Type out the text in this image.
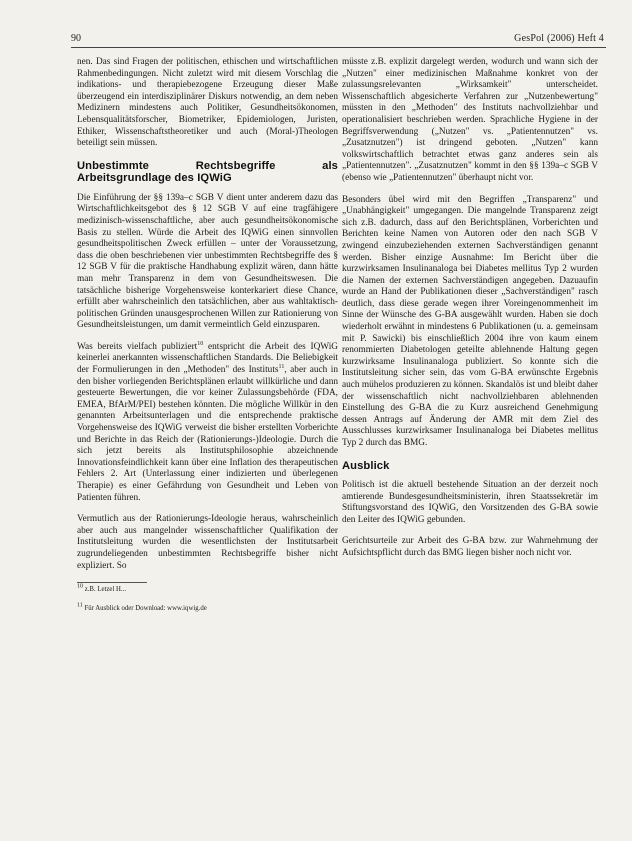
90	GesPol (2006) Heft 4

nen. Das sind Fragen der politischen, ethischen und wirtschaftlichen Rahmenbedingungen. Nicht zuletzt wird mit diesem Vorschlag die indikations- und therapiebezogene Erzeugung dieser Maße überzeugend ein interdisziplinärer Diskurs notwendig, an dem neben Medizinern mindestens auch Politiker, Gesundheitsökonomen, Lebensqualitätsforscher, Biometriker, Epidemiologen, Juristen, Ethiker, Wissenschaftstheoretiker und auch (Moral-)Theologen beteiligt sein müssen.

Unbestimmte Rechtsbegriffe als Arbeitsgrundlage des IQWiG

Die Einführung der §§ 139a–c SGB V dient unter anderem dazu das Wirtschaftlichkeitsgebot des § 12 SGB V auf eine tragfähigere medizinisch-wissenschaftliche, aber auch gesundheitsökonomische Basis zu stellen. Würde die Arbeit des IQWiG einen sinnvollen gesundheitspolitischen Zweck erfüllen – unter der Voraussetzung, dass die oben beschriebenen vier unbestimmten Rechtsbegriffe des § 12 SGB V für die praktische Handhabung explizit wären, dann hätte man mehr Transparenz in dem von Gesundheitswesen. Die tatsächliche bisherige Vorgehensweise konterkariert diese Chance, erfüllt aber wahrscheinlich den tatsächlichen, aber aus wahltaktisch-politischen Gründen unausgesprochenen Willen zur Rationierung von Gesundheitsleistungen, um damit vermeintlich Geld einzusparen.

Was bereits vielfach publiziert$^{10}$ entspricht die Arbeit des IQWiG keinerlei anerkannten wissenschaftlichen Standards. Die Beliebigkeit der Formulierungen in den „Methoden" des Instituts$^{11}$, aber auch in den bisher vorliegenden Berichtsplänen erlaubt willkürliche und dann gesteuerte Bewertungen, die vor keiner Zulassungsbehörde (FDA, EMEA, BfArM/PEI) bestehen könnten. Die mögliche Willkür in den genannten Arbeitsunterlagen und die entsprechende praktische Vorgehensweise des IQWiG verweist die bisher erstellten Vorberichte und Berichte in das Reich der (Rationierungs-)Ideologie. Durch die sich jetzt bereits als Institutsphilosophie abzeichnende Innovationsfeindlichkeit kann über eine Inflation des therapeutischen Fehlers 2. Art (Unterlassung einer indizierten und überlegenen Therapie) es einer Gefährdung von Gesundheit und Leben von Patienten führen.

Vermutlich aus der Rationierungs-Ideologie heraus, wahrscheinlich aber auch aus mangelnder wissenschaftlicher Qualifikation der Institutsleitung wurden die wesentlichsten der Institutsarbeit zugrundeliegenden unbestimmten Rechtsbegriffe bisher nicht expliziert. So

$^{10}$ z.B. Letzel H...

$^{11}$ Für Ausblick oder Download: www.iqwig.de

müsste z.B. explizit dargelegt werden, wodurch und wann sich der „Nutzen" einer medizinischen Maßnahme konkret von der zulassungsrelevanten „Wirksamkeit" unterscheidet. Wissenschaftlich abgesicherte Verfahren zur „Nutzenbewertung" müssten in den „Methoden" des Instituts nachvollziehbar und operationalisiert beschrieben werden. Sprachliche Hygiene in der Begriffsverwendung („Nutzen" vs. „Patientennutzen" vs. „Zusatznutzen") ist dringend geboten. „Nutzen" kann volkswirtschaftlich betrachtet etwas ganz anderes sein als „Patientennutzen". „Zusatznutzen" kommt in den §§ 139a–c SGB V (ebenso wie „Patientennutzen" überhaupt nicht vor.

Besonders übel wird mit den Begriffen „Transparenz" und „Unabhängigkeit" umgegangen. Die mangelnde Transparenz zeigt sich z.B. dadurch, dass auf den Berichtsplänen, Vorberichten und Berichten keine Namen von Autoren oder den nach SGB V zwingend einzubeziehenden externen Sachverständigen genannt werden. Bisher einzige Ausnahme: Im Bericht über die kurzwirksamen Insulinanaloga bei Diabetes mellitus Typ 2 wurden die Namen der externen Sachverständigen angegeben. Dazuaufin wurde an Hand der Publikationen dieser „Sachverständigen" rasch deutlich, dass diese gerade wegen ihrer Voreingenommenheit im Sinne der Wünsche des G-BA ausgewählt wurden. Haben sie doch wiederholt erwähnt in mindestens 6 Publikationen (u. a. gemeinsam mit P. Sawicki) bis einschließlich 2004 ihre von kaum einem renommierten Diabetologen geteilte ablehnende Haltung gegen kurzwirksame Insulinanaloga publiziert. So konnte sich die Institutsleitung sicher sein, das vom G-BA erwünschte Ergebnis auch mühelos produzieren zu können. Skandalös ist und bleibt daher der wissenschaftlich nicht nachvollziehbaren ablehnenden Einstellung des G-BA die zu Kurz ausreichend Genehmigung dessen Antrags auf Änderung der AMR mit dem Ziel des Ausschlusses kurzwirksamer Insulinanaloga bei Diabetes mellitus Typ 2 durch das BMG.

Ausblick

Politisch ist die aktuell bestehende Situation an der derzeit noch amtierende Bundesgesundheitsministerin, ihren Staatssekretär im Stiftungsvorstand des IQWiG, den Vorsitzenden des G-BA sowie den Leiter des IQWiG gebunden.

Gerichtsurteile zur Arbeit des G-BA bzw. zur Wahrnehmung der Aufsichtspflicht durch das BMG liegen bisher noch nicht vor.
